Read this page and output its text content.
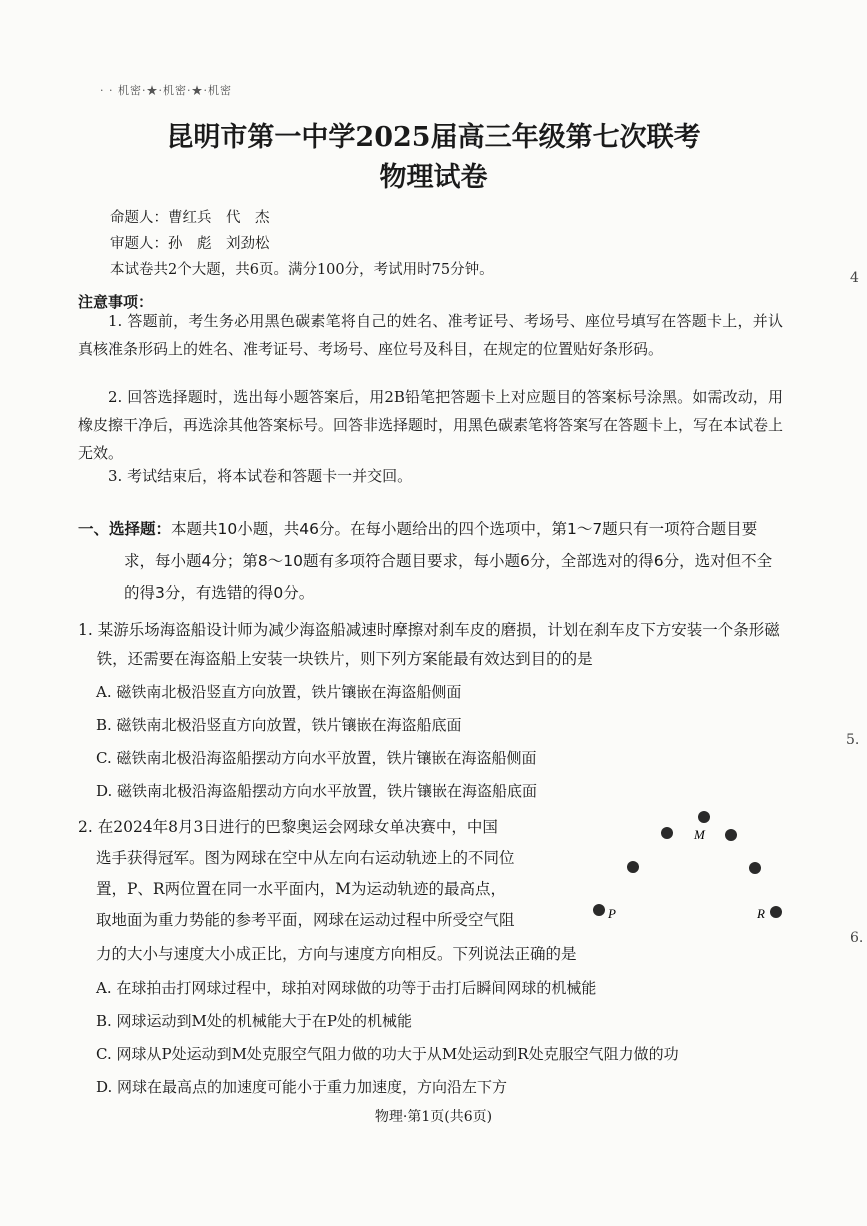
· · 机密·★·机密·★·机密
昆明市第一中学2025届高三年级第七次联考
物理试卷
命题人：曹红兵　代　杰
审题人：孙　彪　刘劲松
本试卷共2个大题，共6页。满分100分，考试用时75分钟。
注意事项：
1. 答题前，考生务必用黑色碳素笔将自己的姓名、准考证号、考场号、座位号填写在答题卡上，并认真核准条形码上的姓名、准考证号、考场号、座位号及科目，在规定的位置贴好条形码。
2. 回答选择题时，选出每小题答案后，用2B铅笔把答题卡上对应题目的答案标号涂黑。如需改动，用橡皮擦干净后，再选涂其他答案标号。回答非选择题时，用黑色碳素笔将答案写在答题卡上，写在本试卷上无效。
3. 考试结束后，将本试卷和答题卡一并交回。
一、选择题：本题共10小题，共46分。在每小题给出的四个选项中，第1～7题只有一项符合题目要求，每小题4分；第8～10题有多项符合题目要求，每小题6分，全部选对的得6分，选对但不全的得3分，有选错的得0分。
1. 某游乐场海盗船设计师为减少海盗船减速时摩擦对刹车皮的磨损，计划在刹车皮下方安装一个条形磁铁，还需要在海盗船上安装一块铁片，则下列方案能最有效达到目的的是
A. 磁铁南北极沿竖直方向放置，铁片镶嵌在海盗船侧面
B. 磁铁南北极沿竖直方向放置，铁片镶嵌在海盗船底面
C. 磁铁南北极沿海盗船摆动方向水平放置，铁片镶嵌在海盗船侧面
D. 磁铁南北极沿海盗船摆动方向水平放置，铁片镶嵌在海盗船底面
2. 在2024年8月3日进行的巴黎奥运会网球女单决赛中，中国
选手获得冠军。图为网球在空中从左向右运动轨迹上的不同位
置，P、R两位置在同一水平面内，M为运动轨迹的最高点，
取地面为重力势能的参考平面，网球在运动过程中所受空气阻
力的大小与速度大小成正比，方向与速度方向相反。下列说法正确的是
M
P	R
A. 在球拍击打网球过程中，球拍对网球做的功等于击打后瞬间网球的机械能
B. 网球运动到M处的机械能大于在P处的机械能
C. 网球从P处运动到M处克服空气阻力做的功大于从M处运动到R处克服空气阻力做的功
D. 网球在最高点的加速度可能小于重力加速度，方向沿左下方
物理·第1页(共6页)
4
5.
6.
